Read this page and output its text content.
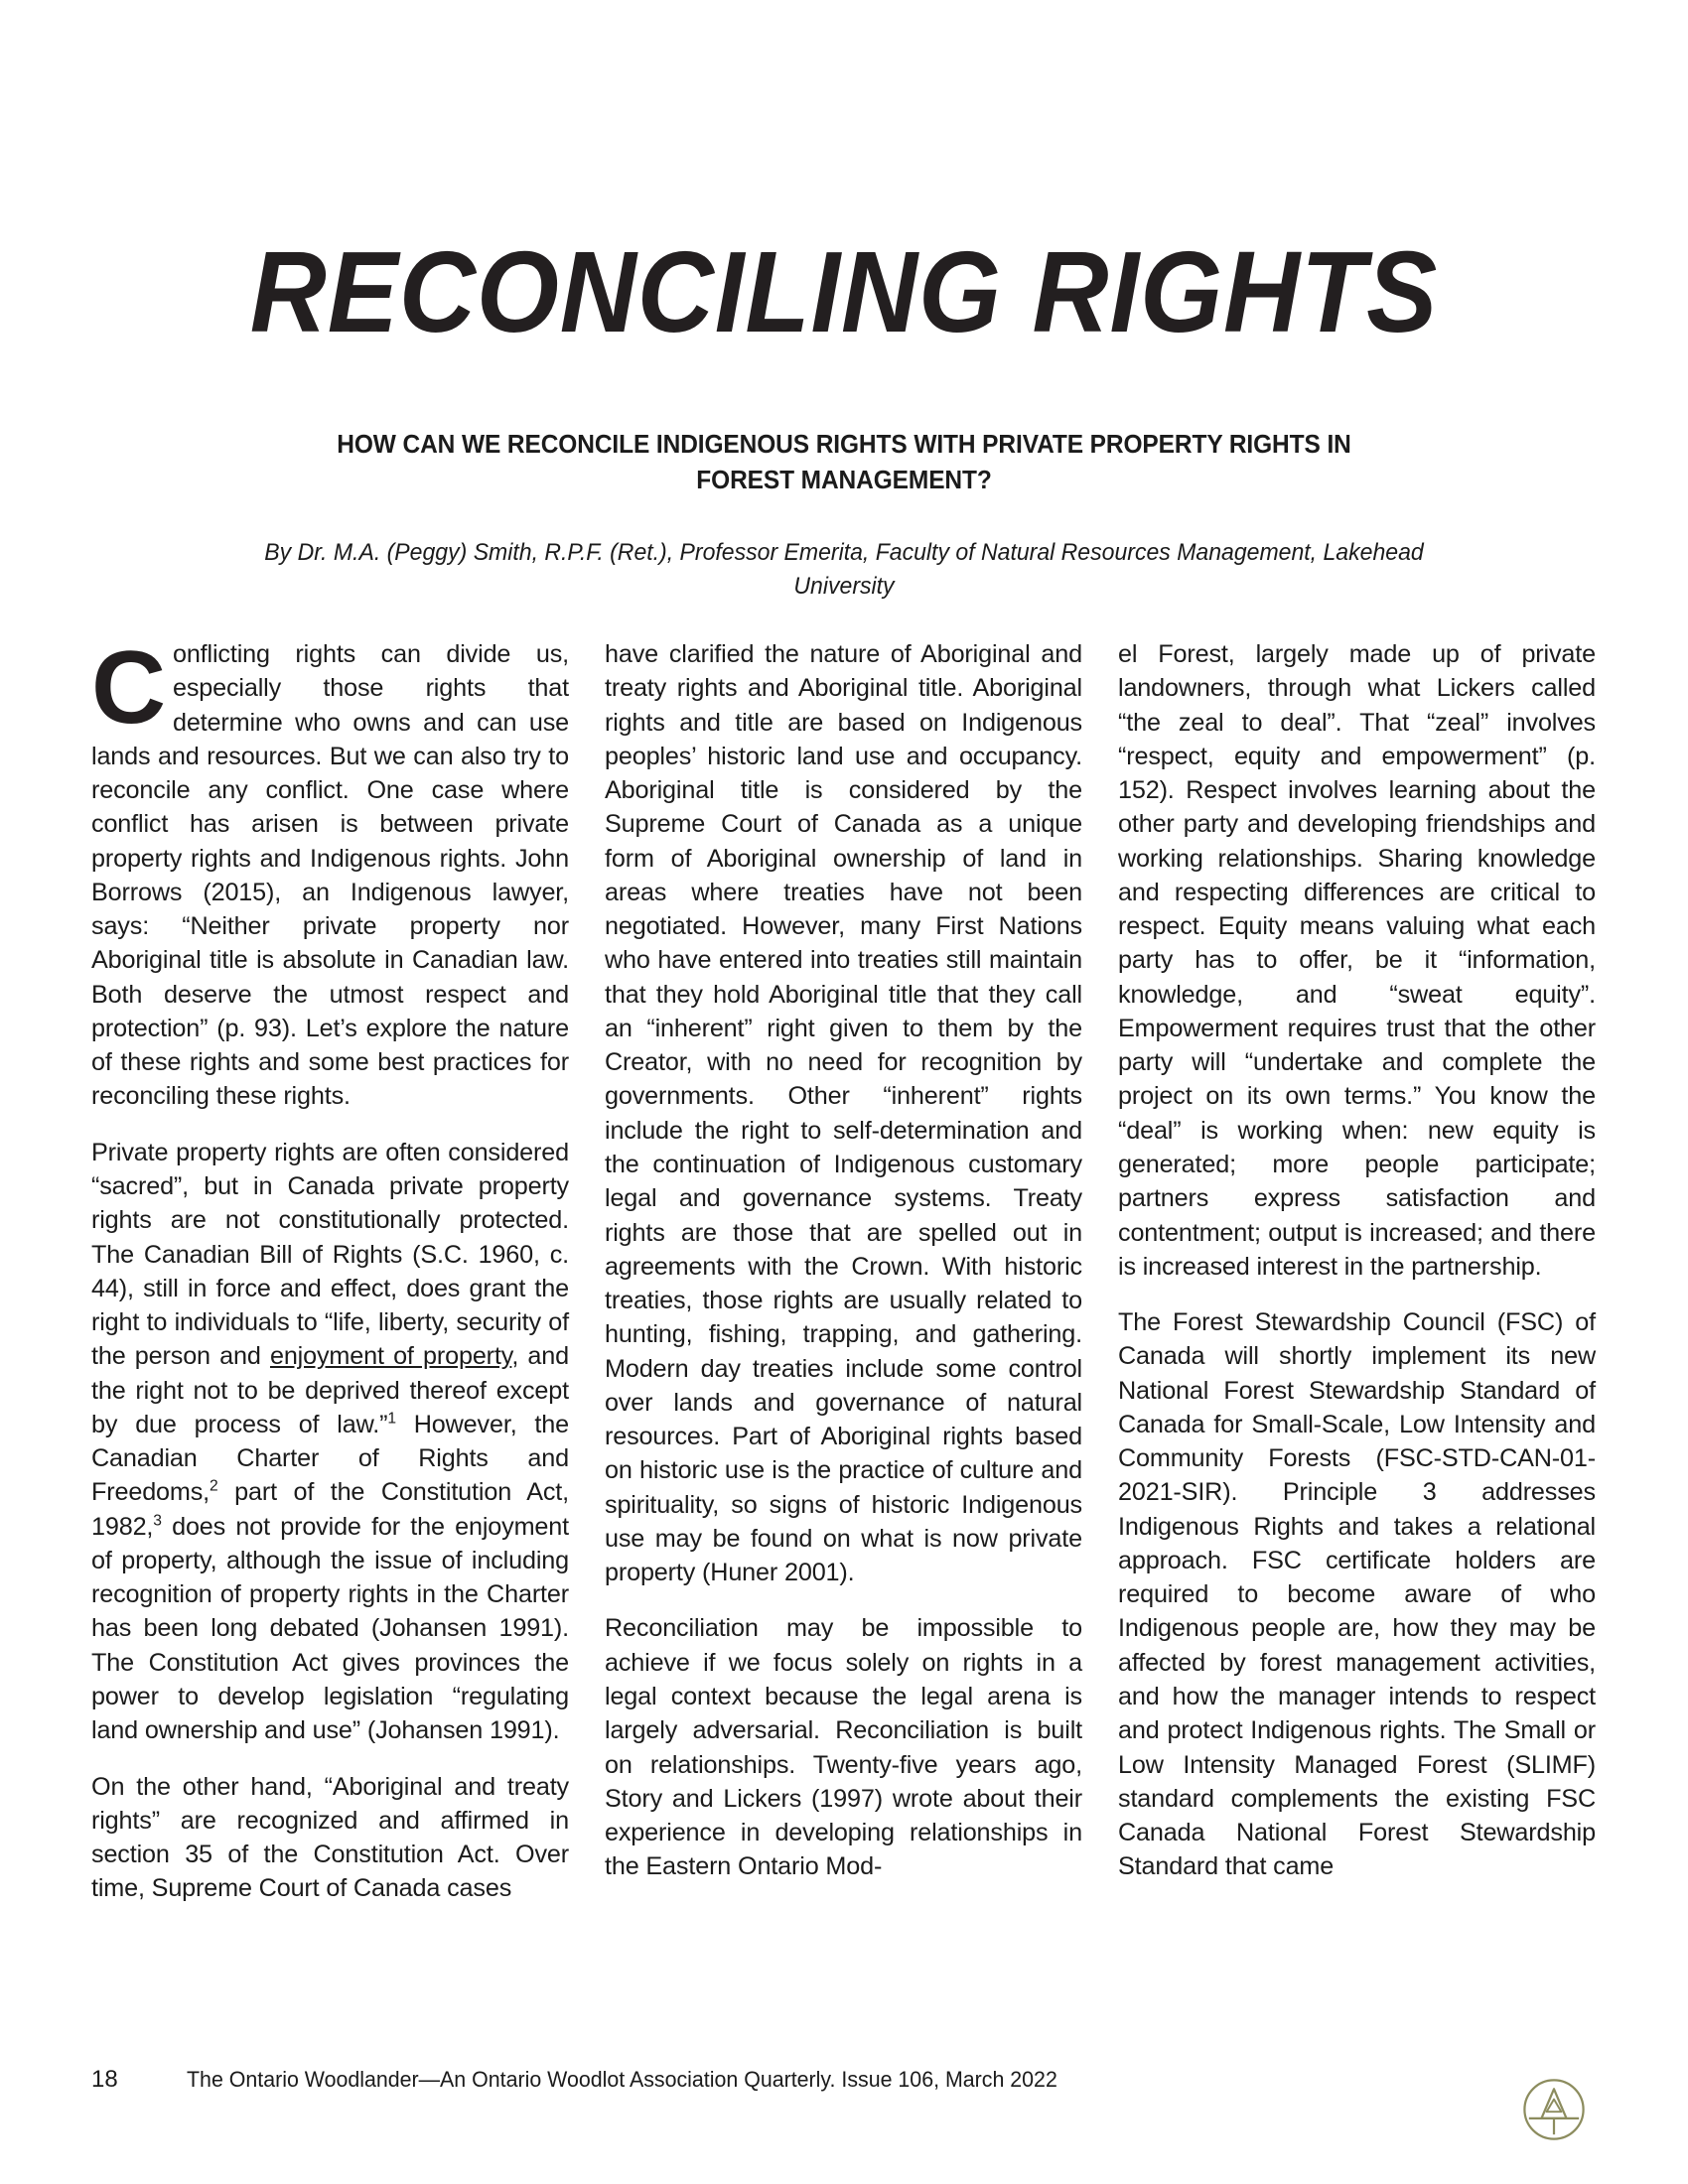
RECONCILING RIGHTS
HOW CAN WE RECONCILE INDIGENOUS RIGHTS WITH PRIVATE PROPERTY RIGHTS IN FOREST MANAGEMENT?
By Dr. M.A. (Peggy) Smith, R.P.F. (Ret.), Professor Emerita, Faculty of Natural Resources Management, Lakehead University

Conflicting rights can divide us, especially those rights that determine who owns and can use lands and resources. But we can also try to reconcile any conflict. One case where conflict has arisen is between private property rights and Indigenous rights. John Borrows (2015), an Indigenous lawyer, says: “Neither private property nor Aboriginal title is absolute in Canadian law. Both deserve the utmost respect and protection” (p. 93). Let’s explore the nature of these rights and some best practices for reconciling these rights.

Private property rights are often considered “sacred”, but in Canada private property rights are not constitutionally protected. The Canadian Bill of Rights (S.C. 1960, c. 44), still in force and effect, does grant the right to individuals to “life, liberty, security of the person and enjoyment of property, and the right not to be deprived thereof except by due process of law.”$^1$ However, the Canadian Charter of Rights and Freedoms,$^2$ part of the Constitution Act, 1982,$^3$ does not provide for the enjoyment of property, although the issue of including recognition of property rights in the Charter has been long debated (Johansen 1991). The Constitution Act gives provinces the power to develop legislation “regulating land ownership and use” (Johansen 1991).

On the other hand, “Aboriginal and treaty rights” are recognized and affirmed in section 35 of the Constitution Act. Over time, Supreme Court of Canada cases

have clarified the nature of Aboriginal and treaty rights and Aboriginal title. Aboriginal rights and title are based on Indigenous peoples’ historic land use and occupancy. Aboriginal title is considered by the Supreme Court of Canada as a unique form of Aboriginal ownership of land in areas where treaties have not been negotiated. However, many First Nations who have entered into treaties still maintain that they hold Aboriginal title that they call an “inherent” right given to them by the Creator, with no need for recognition by governments. Other “inherent” rights include the right to self-determination and the continuation of Indigenous customary legal and governance systems. Treaty rights are those that are spelled out in agreements with the Crown. With historic treaties, those rights are usually related to hunting, fishing, trapping, and gathering. Modern day treaties include some control over lands and governance of natural resources. Part of Aboriginal rights based on historic use is the practice of culture and spirituality, so signs of historic Indigenous use may be found on what is now private property (Huner 2001).

Reconciliation may be impossible to achieve if we focus solely on rights in a legal context because the legal arena is largely adversarial. Reconciliation is built on relationships. Twenty-five years ago, Story and Lickers (1997) wrote about their experience in developing relationships in the Eastern Ontario Mod-

el Forest, largely made up of private landowners, through what Lickers called “the zeal to deal”. That “zeal” involves “respect, equity and empowerment” (p. 152). Respect involves learning about the other party and developing friendships and working relationships. Sharing knowledge and respecting differences are critical to respect. Equity means valuing what each party has to offer, be it “information, knowledge, and “sweat equity”. Empowerment requires trust that the other party will “undertake and complete the project on its own terms.” You know the “deal” is working when: new equity is generated; more people participate; partners express satisfaction and contentment; output is increased; and there is increased interest in the partnership.

The Forest Stewardship Council (FSC) of Canada will shortly implement its new National Forest Stewardship Standard of Canada for Small-Scale, Low Intensity and Community Forests (FSC-STD-CAN-01-2021-SIR). Principle 3 addresses Indigenous Rights and takes a relational approach. FSC certificate holders are required to become aware of who Indigenous people are, how they may be affected by forest management activities, and how the manager intends to respect and protect Indigenous rights. The Small or Low Intensity Managed Forest (SLIMF) standard complements the existing FSC Canada National Forest Stewardship Standard that came

18	The Ontario Woodlander—An Ontario Woodlot Association Quarterly. Issue 106, March 2022
